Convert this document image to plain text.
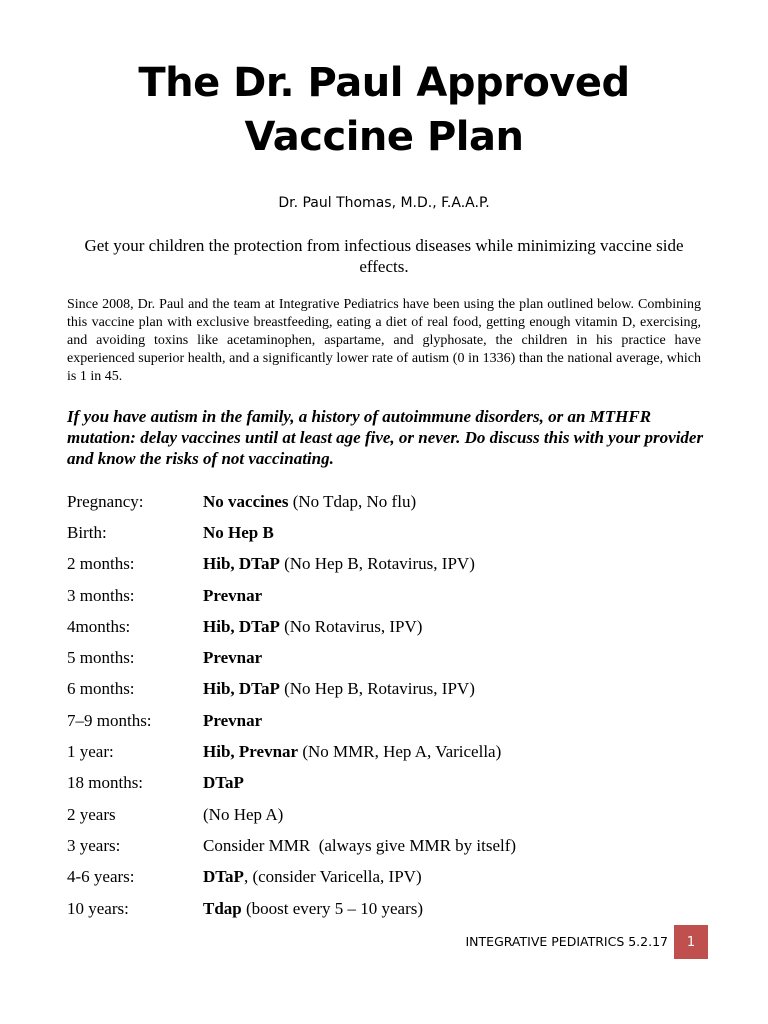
The Dr. Paul Approved
Vaccine Plan
Dr. Paul Thomas, M.D., F.A.A.P.
Get your children the protection from infectious diseases while minimizing vaccine side effects.
Since 2008, Dr. Paul and the team at Integrative Pediatrics have been using the plan outlined below. Combining this vaccine plan with exclusive breastfeeding, eating a diet of real food, getting enough vitamin D, exercising, and avoiding toxins like acetaminophen, aspartame, and glyphosate, the children in his practice have experienced superior health, and a significantly lower rate of autism (0 in 1336) than the national average, which is 1 in 45.
If you have autism in the family, a history of autoimmune disorders, or an MTHFR mutation: delay vaccines until at least age five, or never. Do discuss this with your provider and know the risks of not vaccinating.
Pregnancy:	No vaccines (No Tdap, No flu)
Birth:	No Hep B
2 months:	Hib, DTaP (No Hep B, Rotavirus, IPV)
3 months:	Prevnar
4months:	Hib, DTaP (No Rotavirus, IPV)
5 months:	Prevnar
6 months:	Hib, DTaP (No Hep B, Rotavirus, IPV)
7–9 months:	Prevnar
1 year:	Hib, Prevnar (No MMR, Hep A, Varicella)
18 months:	DTaP
2 years	(No Hep A)
3 years:	Consider MMR  (always give MMR by itself)
4-6 years:	DTaP, (consider Varicella, IPV)
10 years:	Tdap (boost every 5 – 10 years)
INTEGRATIVE PEDIATRICS 5.2.17	1
